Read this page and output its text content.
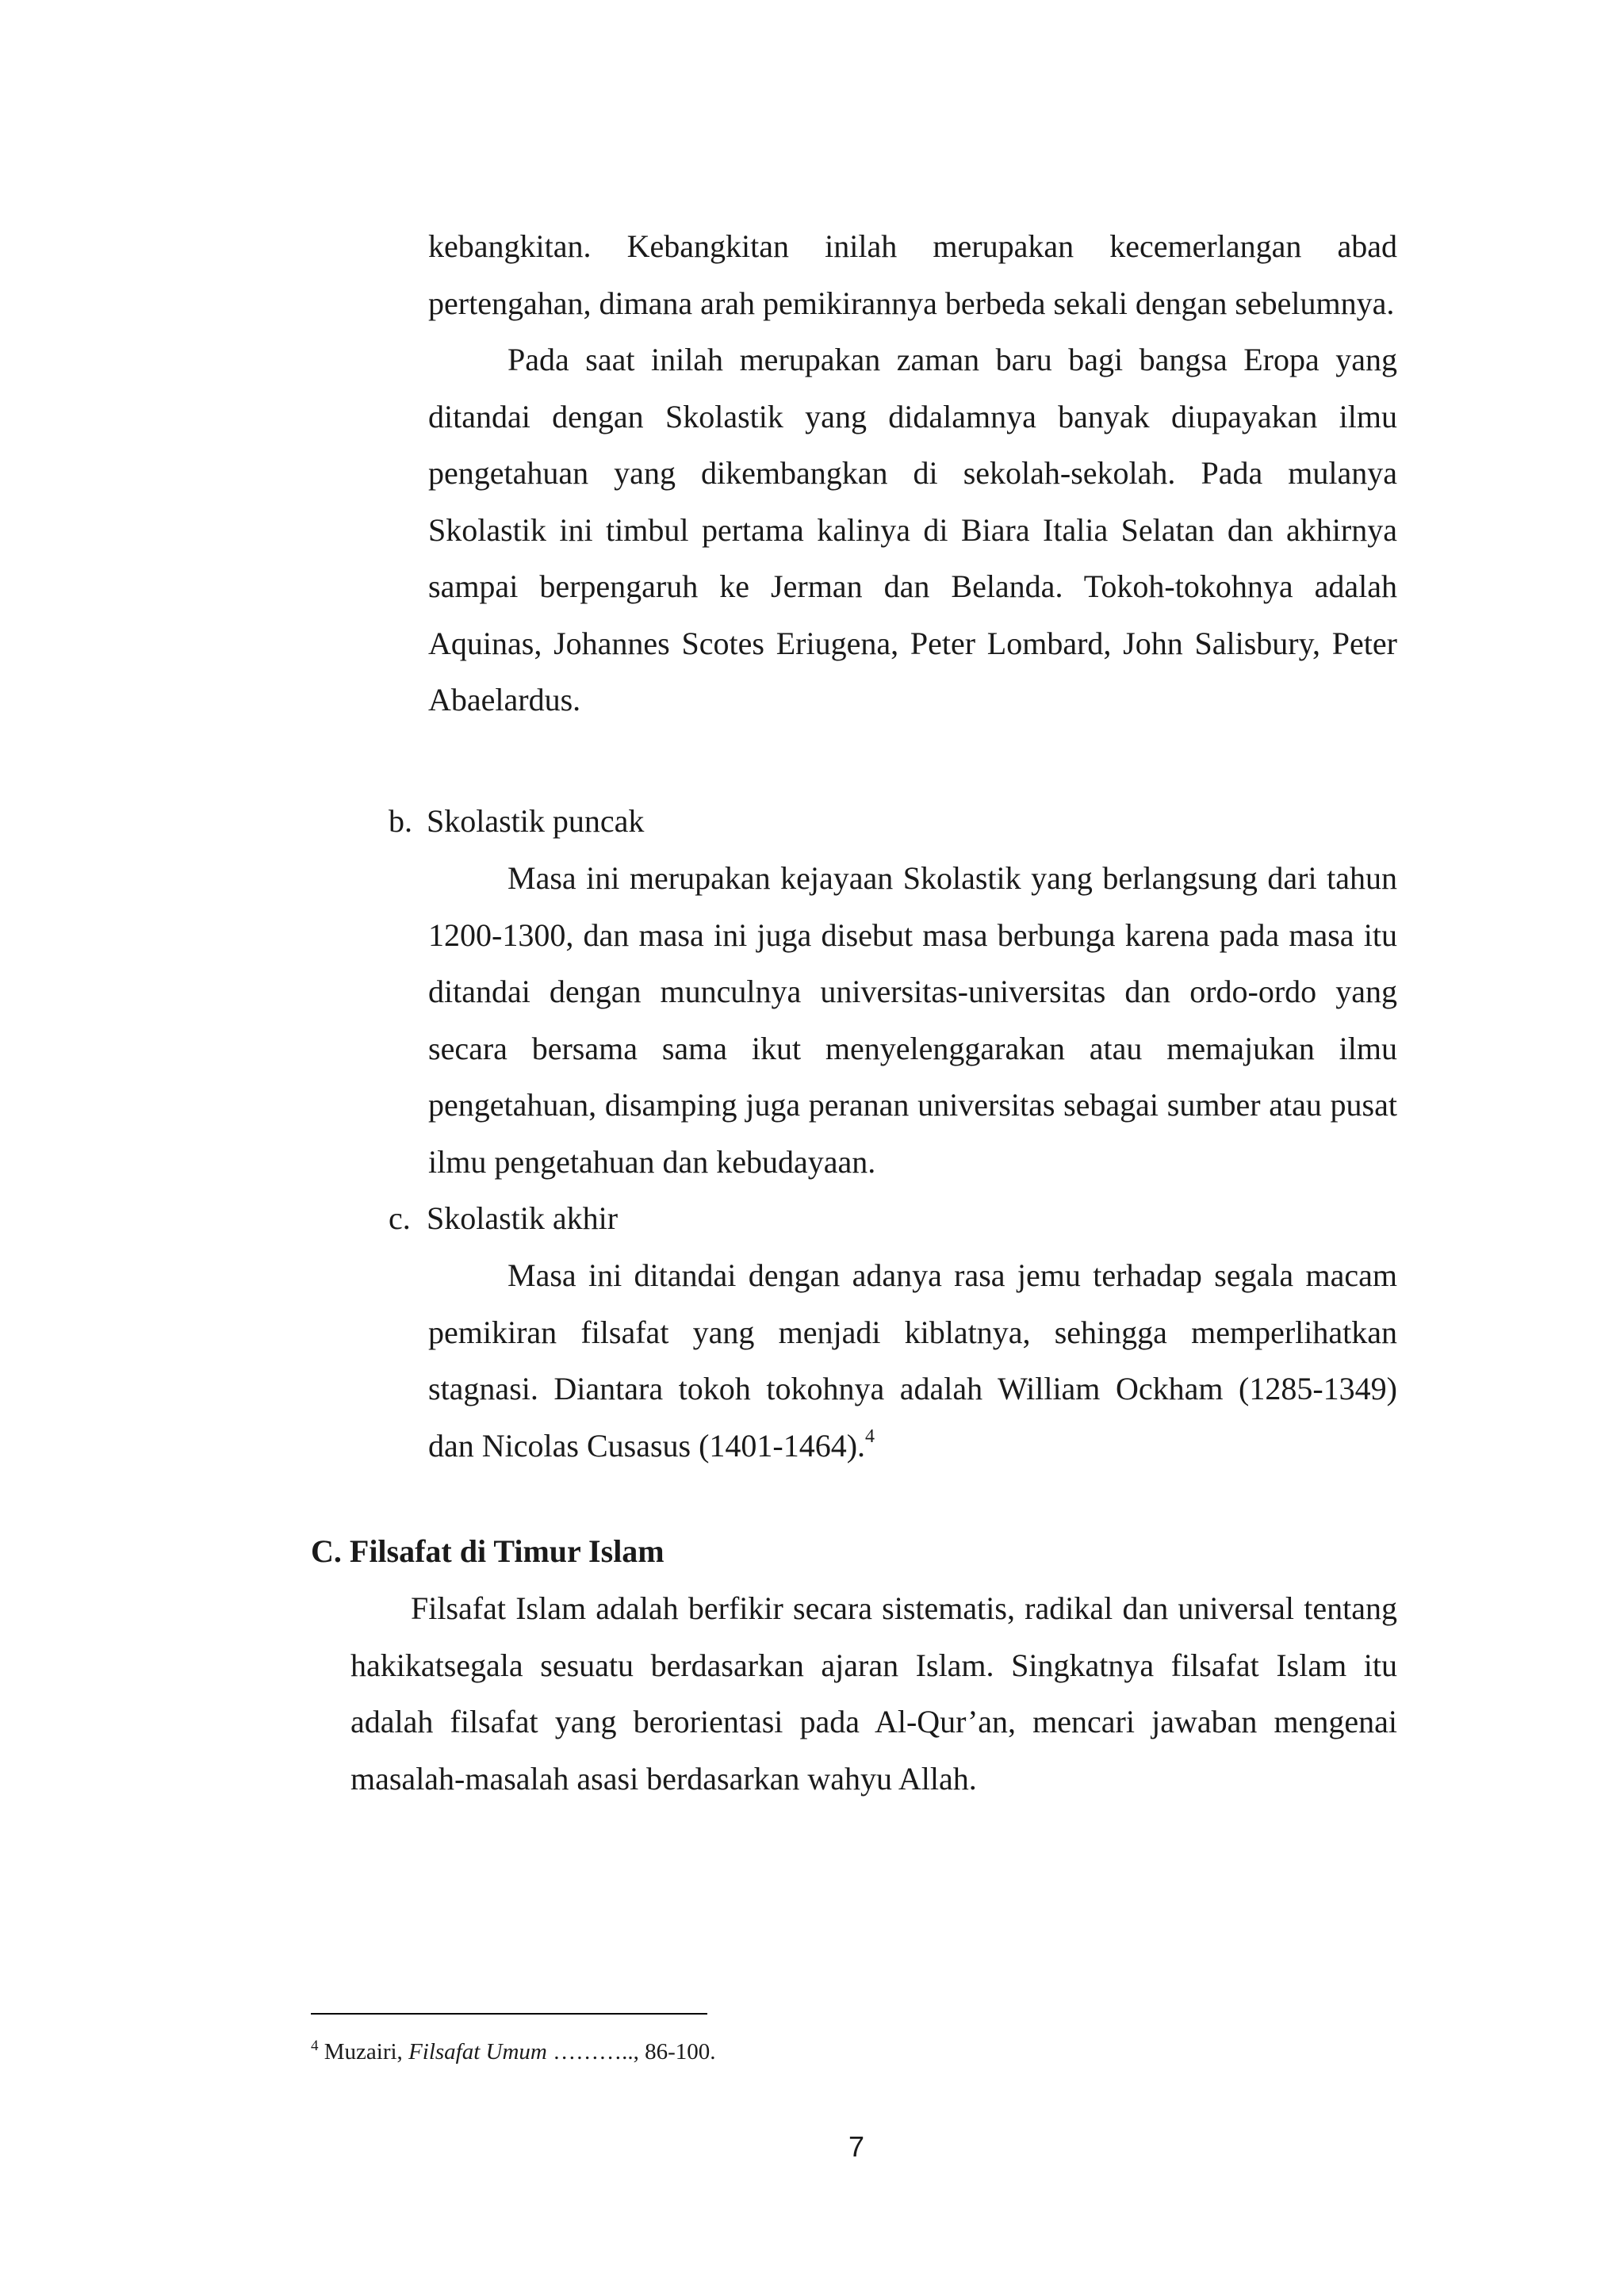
kebangkitan. Kebangkitan inilah merupakan kecemerlangan abad pertengahan, dimana arah pemikirannya berbeda sekali dengan sebelumnya.
Pada saat inilah merupakan zaman baru bagi bangsa Eropa yang ditandai dengan Skolastik yang didalamnya banyak diupayakan ilmu pengetahuan yang dikembangkan di sekolah-sekolah. Pada mulanya Skolastik ini timbul pertama kalinya di Biara Italia Selatan dan akhirnya sampai berpengaruh ke Jerman dan Belanda. Tokoh-tokohnya adalah Aquinas, Johannes Scotes Eriugena, Peter Lombard, John Salisbury, Peter Abaelardus.
b. Skolastik puncak
Masa ini merupakan kejayaan Skolastik yang berlangsung dari tahun 1200-1300, dan masa ini juga disebut masa berbunga karena pada masa itu ditandai dengan munculnya universitas-universitas dan ordo-ordo yang secara bersama sama ikut menyelenggarakan atau memajukan ilmu pengetahuan, disamping juga peranan universitas sebagai sumber atau pusat ilmu pengetahuan dan kebudayaan.
c. Skolastik akhir
Masa ini ditandai dengan adanya rasa jemu terhadap segala macam pemikiran filsafat yang menjadi kiblatnya, sehingga memperlihatkan stagnasi. Diantara tokoh tokohnya adalah William Ockham (1285-1349) dan Nicolas Cusasus (1401-1464).$^4$
C. Filsafat di Timur Islam
Filsafat Islam adalah berfikir secara sistematis, radikal dan universal tentang hakikatsegala sesuatu berdasarkan ajaran Islam. Singkatnya filsafat Islam itu adalah filsafat yang berorientasi pada Al-Qur’an, mencari jawaban mengenai masalah-masalah asasi berdasarkan wahyu Allah.
$^4$ Muzairi, Filsafat Umum ……….., 86-100.
7
